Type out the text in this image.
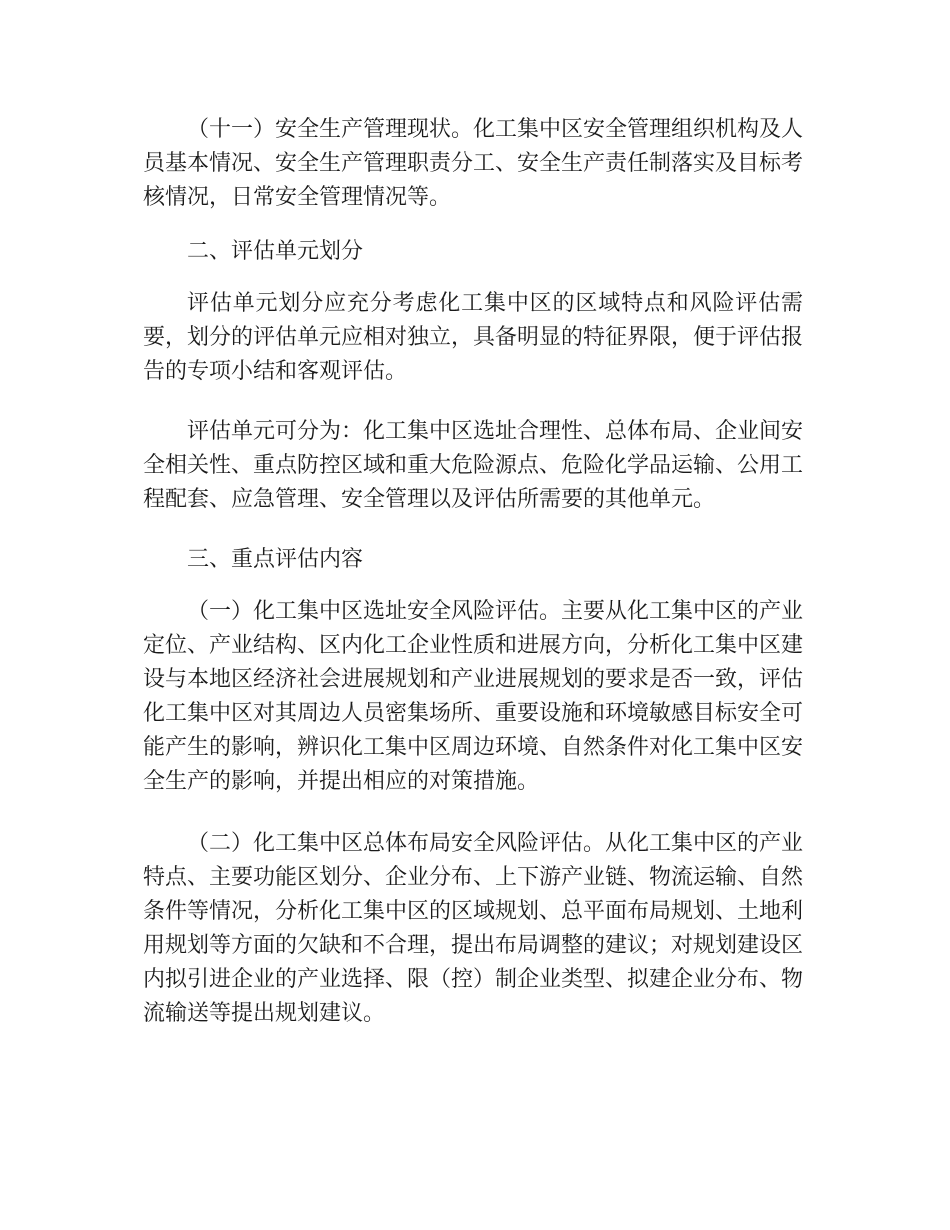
（十一）安全生产管理现状。化工集中区安全管理组织机构及人
员基本情况、安全生产管理职责分工、安全生产责任制落实及目标考
核情况，日常安全管理情况等。
二、评估单元划分
评估单元划分应充分考虑化工集中区的区域特点和风险评估需
要，划分的评估单元应相对独立，具备明显的特征界限，便于评估报
告的专项小结和客观评估。
评估单元可分为：化工集中区选址合理性、总体布局、企业间安
全相关性、重点防控区域和重大危险源点、危险化学品运输、公用工
程配套、应急管理、安全管理以及评估所需要的其他单元。
三、重点评估内容
（一）化工集中区选址安全风险评估。主要从化工集中区的产业
定位、产业结构、区内化工企业性质和进展方向，分析化工集中区建
设与本地区经济社会进展规划和产业进展规划的要求是否一致，评估
化工集中区对其周边人员密集场所、重要设施和环境敏感目标安全可
能产生的影响，辨识化工集中区周边环境、自然条件对化工集中区安
全生产的影响，并提出相应的对策措施。
（二）化工集中区总体布局安全风险评估。从化工集中区的产业
特点、主要功能区划分、企业分布、上下游产业链、物流运输、自然
条件等情况，分析化工集中区的区域规划、总平面布局规划、土地利
用规划等方面的欠缺和不合理，提出布局调整的建议；对规划建设区
内拟引进企业的产业选择、限（控）制企业类型、拟建企业分布、物
流输送等提出规划建议。
